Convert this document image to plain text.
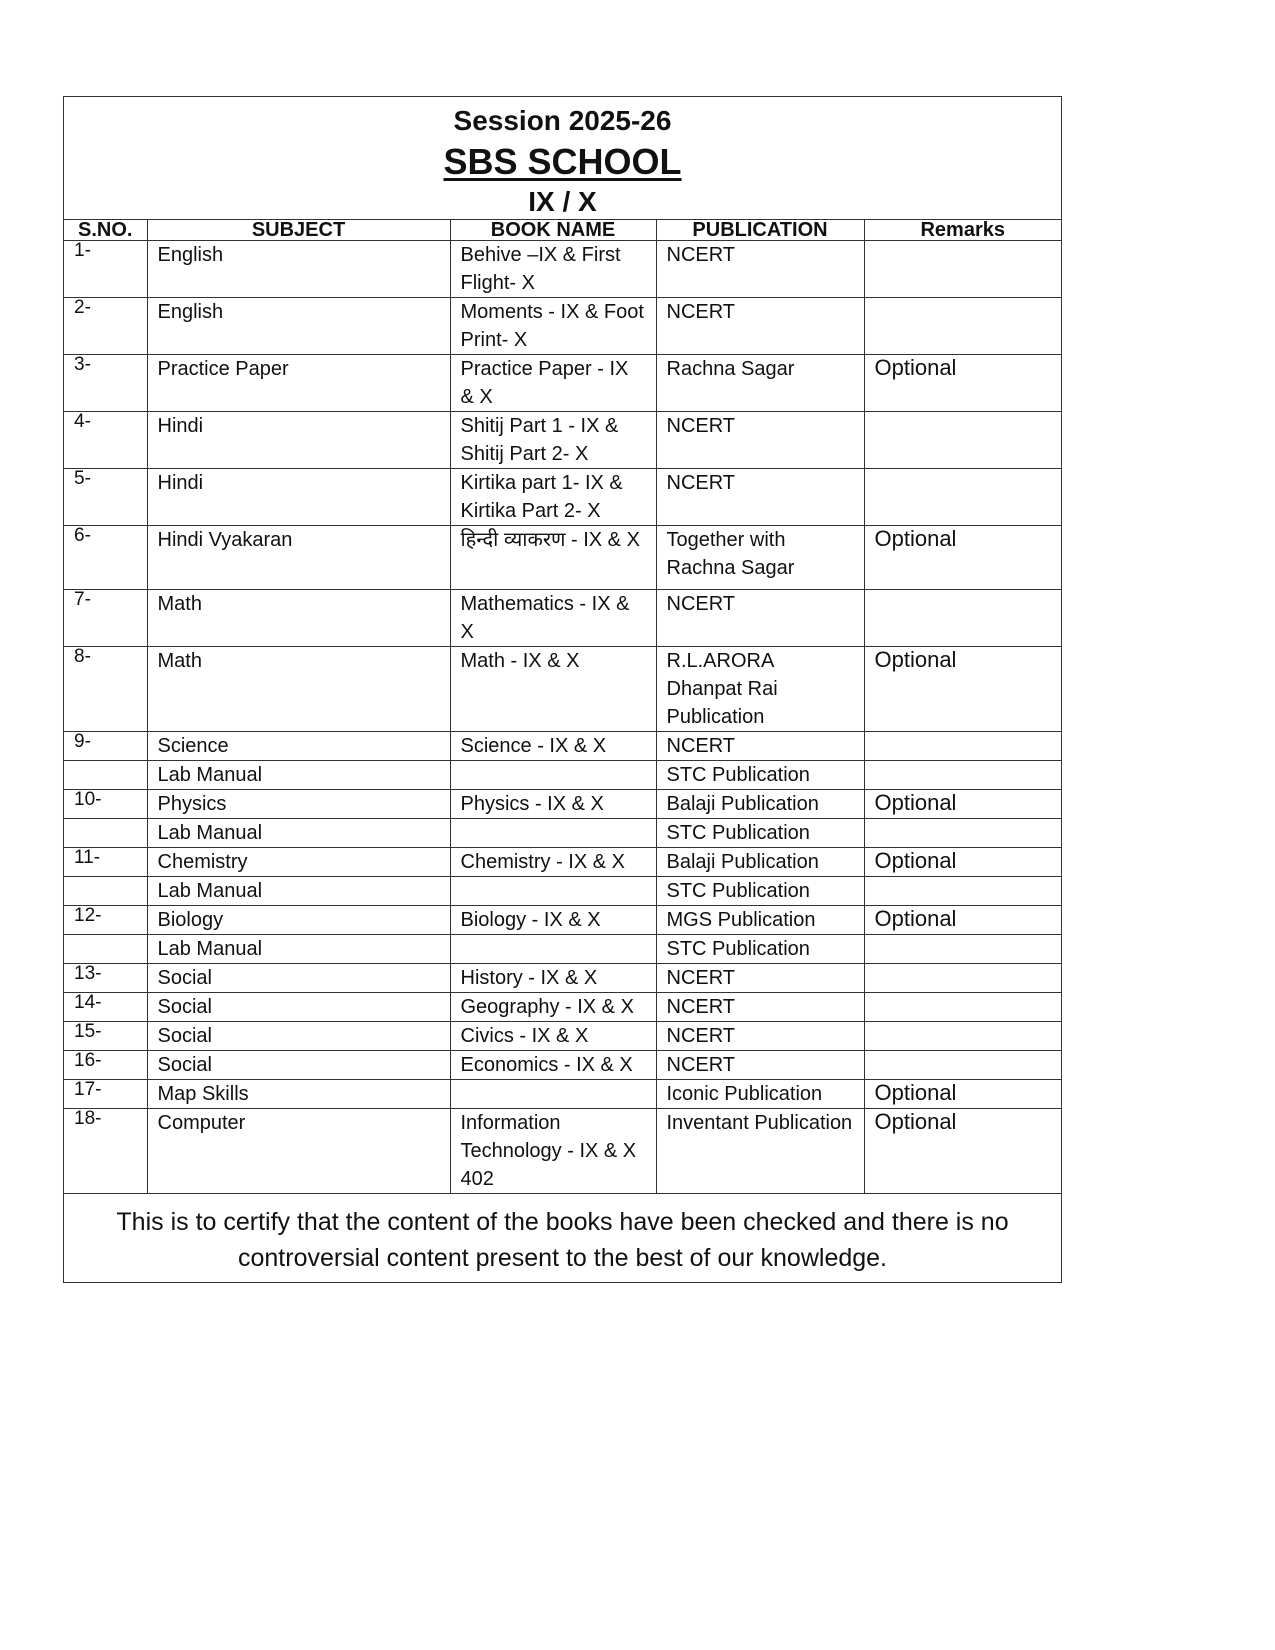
Session 2025-26
SBS SCHOOL
IX / X
S.NO.	SUBJECT	BOOK NAME	PUBLICATION	Remarks
1-	English	Behive –IX & First Flight- X	NCERT	
2-	English	Moments - IX & Foot Print- X	NCERT	
3-	Practice Paper	Practice Paper - IX & X	Rachna Sagar	Optional
4-	Hindi	Shitij Part 1 - IX & Shitij Part 2- X	NCERT	
5-	Hindi	Kirtika part 1- IX & Kirtika Part 2- X	NCERT	
6-	Hindi Vyakaran	हिन्दी व्याकरण - IX & X	Together with Rachna Sagar	Optional
7-	Math	Mathematics - IX & X	NCERT	
8-	Math	Math - IX & X	R.L.ARORA Dhanpat Rai Publication	Optional
9-	Science	Science - IX & X	NCERT	
	Lab Manual		STC Publication	
10-	Physics	Physics - IX & X	Balaji Publication	Optional
	Lab Manual		STC Publication	
11-	Chemistry	Chemistry - IX & X	Balaji Publication	Optional
	Lab Manual		STC Publication	
12-	Biology	Biology - IX & X	MGS Publication	Optional
	Lab Manual		STC Publication	
13-	Social	History - IX & X	NCERT	
14-	Social	Geography - IX & X	NCERT	
15-	Social	Civics - IX & X	NCERT	
16-	Social	Economics - IX & X	NCERT	
17-	Map Skills		Iconic Publication	Optional
18-	Computer	Information Technology - IX & X 402	Inventant Publication	Optional
This is to certify that the content of the books have been checked and there is no controversial content present to the best of our knowledge.
